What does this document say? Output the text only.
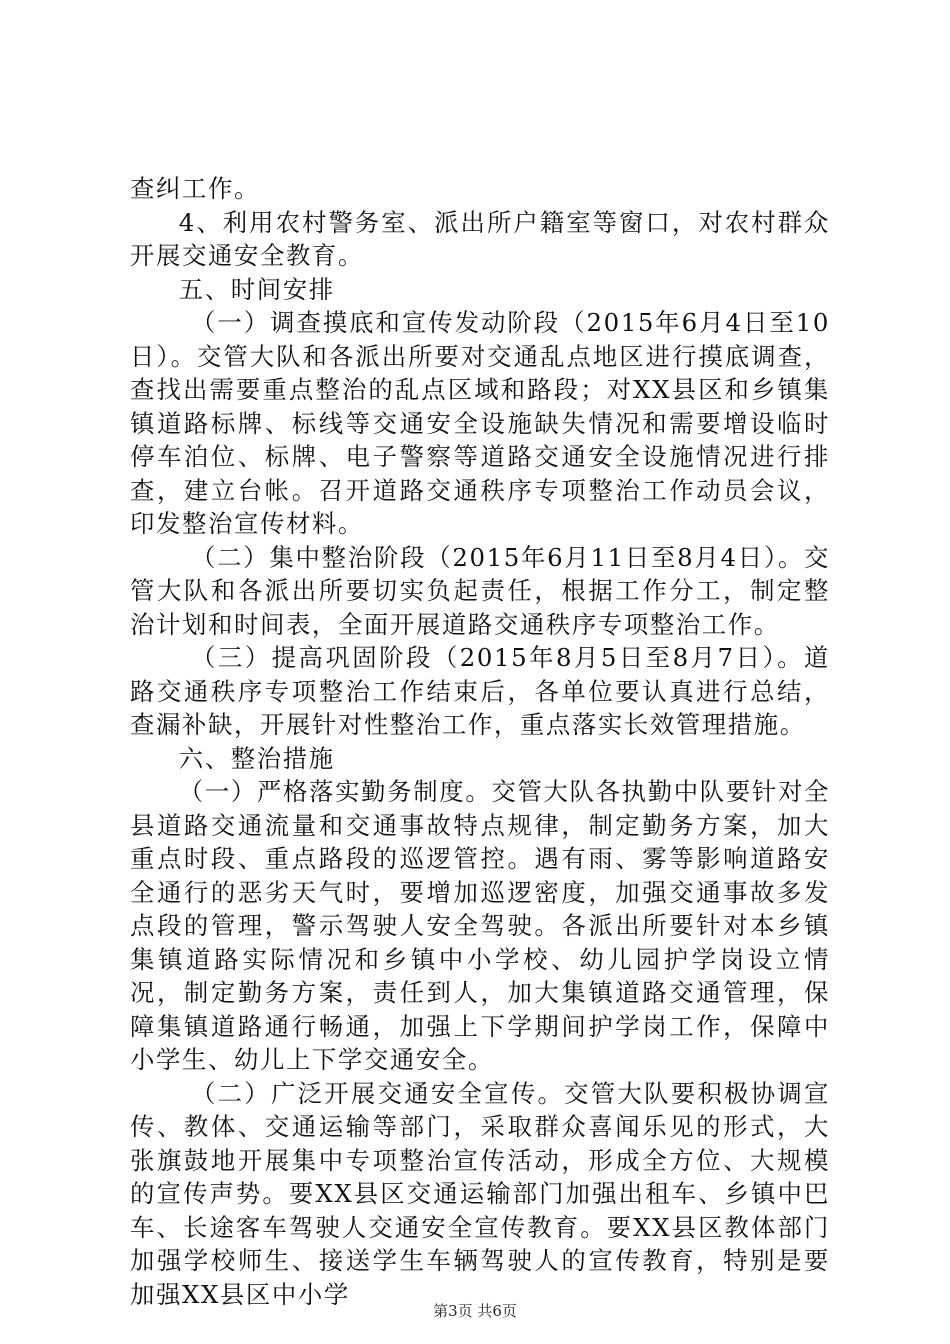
查纠工作。

4、利用农村警务室、派出所户籍室等窗口，对农村群众开展交通安全教育。

五、时间安排

（一）调查摸底和宣传发动阶段（2015年6月4日至10日）。交管大队和各派出所要对交通乱点地区进行摸底调查，查找出需要重点整治的乱点区域和路段；对XX县区和乡镇集镇道路标牌、标线等交通安全设施缺失情况和需要增设临时停车泊位、标牌、电子警察等道路交通安全设施情况进行排查，建立台帐。召开道路交通秩序专项整治工作动员会议，印发整治宣传材料。

（二）集中整治阶段（2015年6月11日至8月4日）。交管大队和各派出所要切实负起责任，根据工作分工，制定整治计划和时间表，全面开展道路交通秩序专项整治工作。

（三）提高巩固阶段（2015年8月5日至8月7日）。道路交通秩序专项整治工作结束后，各单位要认真进行总结，查漏补缺，开展针对性整治工作，重点落实长效管理措施。

六、整治措施

（一）严格落实勤务制度。交管大队各执勤中队要针对全县道路交通流量和交通事故特点规律，制定勤务方案，加大重点时段、重点路段的巡逻管控。遇有雨、雾等影响道路安全通行的恶劣天气时，要增加巡逻密度，加强交通事故多发点段的管理，警示驾驶人安全驾驶。各派出所要针对本乡镇集镇道路实际情况和乡镇中小学校、幼儿园护学岗设立情况，制定勤务方案，责任到人，加大集镇道路交通管理，保障集镇道路通行畅通，加强上下学期间护学岗工作，保障中小学生、幼儿上下学交通安全。

（二）广泛开展交通安全宣传。交管大队要积极协调宣传、教体、交通运输等部门，采取群众喜闻乐见的形式，大张旗鼓地开展集中专项整治宣传活动，形成全方位、大规模的宣传声势。要XX县区交通运输部门加强出租车、乡镇中巴车、长途客车驾驶人交通安全宣传教育。要XX县区教体部门加强学校师生、接送学生车辆驾驶人的宣传教育，特别是要加强XX县区中小学

第3页 共6页
